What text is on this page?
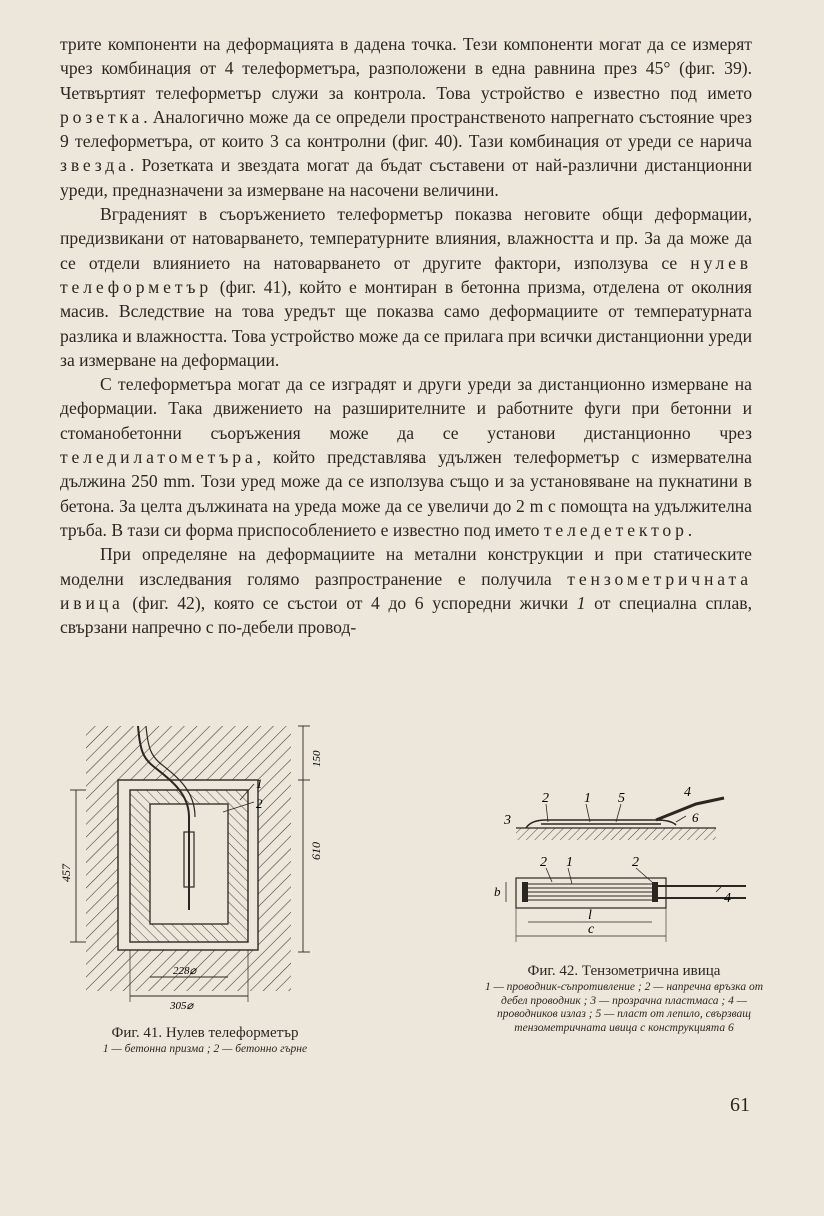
трите компоненти на деформацията в дадена точка. Тези компоненти могат да се измерят чрез комбинация от 4 телеформетъра, разположени в една равнина през 45° (фиг. 39). Четвъртият телеформетър служи за контрола. Това устройство е известно под името розетка. Аналогично може да се определи пространственото напрегнато състояние чрез 9 телеформетъра, от които 3 са контролни (фиг. 40). Тази комбинация от уреди се нарича звезда. Розетката и звездата могат да бъдат съставени от най-различни дистанционни уреди, предназначени за измерване на насочени величини.

Вграденият в съоръжението телеформетър показва неговите общи деформации, предизвикани от натоварването, температурните влияния, влажността и пр. За да може да се отдели влиянието на натоварването от другите фактори, използува се нулев телеформетър (фиг. 41), който е монтиран в бетонна призма, отделена от околния масив. Вследствие на това уредът ще показва само деформациите от температурната разлика и влажността. Това устройство може да се прилага при всички дистанционни уреди за измерване на деформации.

С телеформетъра могат да се изградят и други уреди за дистанционно измерване на деформации. Така движението на разширителните и работните фуги при бетонни и стоманобетонни съоръжения може да се установи дистанционно чрез теледилатометъра, който представлява удължен телеформетър с измервателна дължина 250 mm. Този уред може да се използува също и за установяване на пукнатини в бетона. За целта дължината на уреда може да се увеличи до 2 m с помощта на удължителна тръба. В тази си форма приспособлението е известно под името теледетектор.

При определяне на деформациите на метални конструкции и при статическите моделни изследвания голямо разпространение е получила тензометричната ивица (фиг. 42), която се състои от 4 до 6 успоредни жички 1 от специална сплав, свързани напречно с по-дебели провод-

1
2
150
610
457
228⌀
305⌀
3
2	1 5	4
6
2 1	2
4
b
l
c
Фиг. 41. Нулев телеформетър
1 — бетонна призма ; 2 — бетонно гърне
Фиг. 42. Тензометрична ивица
1 — проводник-съпротивление ; 2 — напречна връзка от дебел проводник ; 3 — прозрачна пластмаса ; 4 — проводников излаз ; 5 — пласт от лепило, свързващ тензометричната ивица с конструкцията 6
61
